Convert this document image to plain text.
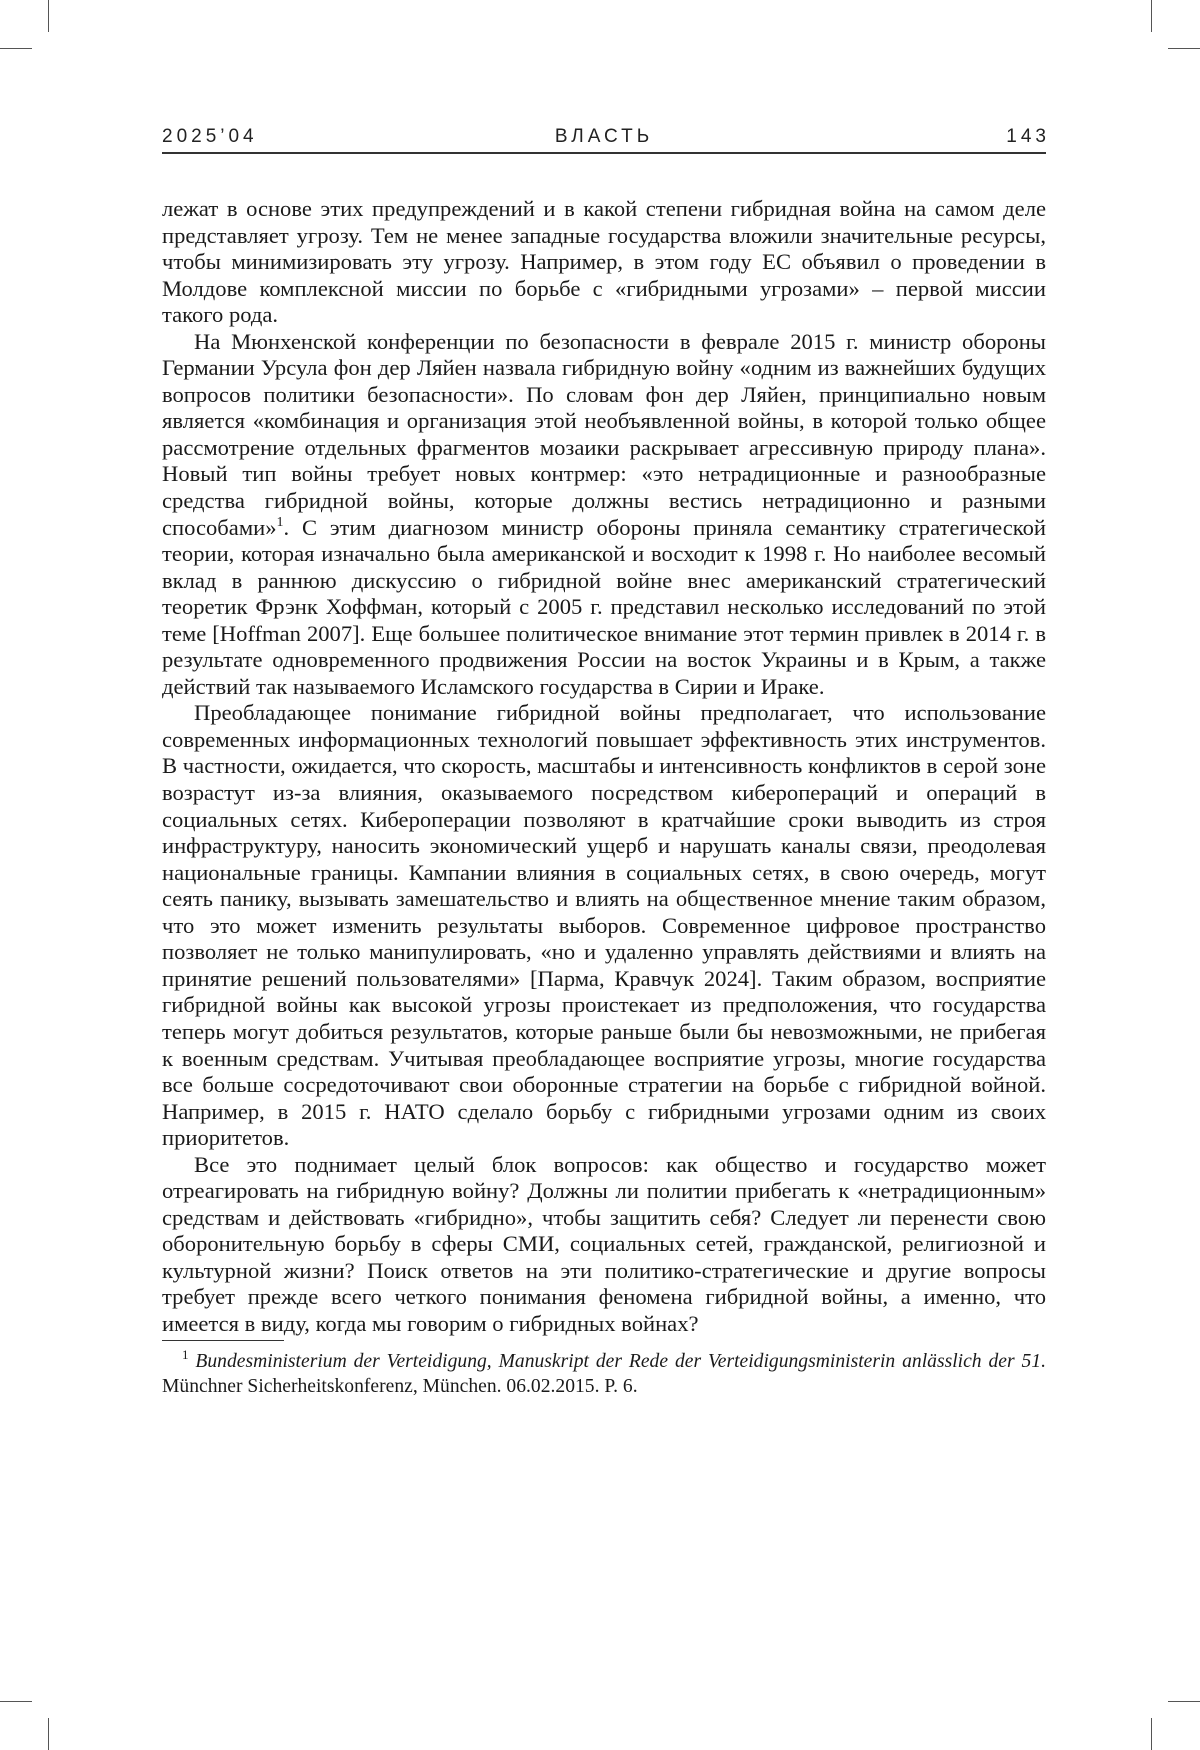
2025’04	ВЛАСТЬ	143

лежат в основе этих предупреждений и в какой степени гибридная война на самом деле представляет угрозу. Тем не менее западные государства вложили значительные ресурсы, чтобы минимизировать эту угрозу. Например, в этом году ЕС объявил о проведении в Молдове комплексной миссии по борьбе с «гибридными угрозами» – первой миссии такого рода.

На Мюнхенской конференции по безопасности в феврале 2015 г. министр обороны Германии Урсула фон дер Ляйен назвала гибридную войну «одним из важнейших будущих вопросов политики безопасности». По словам фон дер Ляйен, принципиально новым является «комбинация и организация этой необъявленной войны, в которой только общее рассмотрение отдель­ных фрагментов мозаики раскрывает агрессивную природу плана». Новый тип войны требует новых контрмер: «это нетрадиционные и разнообразные средства гибридной войны, которые должны вестись нетрадиционно и раз­ными способами»1. С этим диагнозом министр обороны приняла семантику стратегической теории, которая изначально была американской и восхо­дит к 1998 г. Но наиболее весомый вклад в раннюю дискуссию о гибридной войне внес американский стратегический теоретик Фрэнк Хоффман, кото­рый с 2005 г. представил несколько исследований по этой теме [Hoffman 2007]. Еще большее политическое внимание этот термин привлек в 2014 г. в результате одновременного продвижения России на восток Украины и в Крым, а также действий так называемого Исламского государства в Сирии и Ираке.

Преобладающее понимание гибридной войны предполагает, что использо­вание современных информационных технологий повышает эффективность этих инструментов. В частности, ожидается, что скорость, масштабы и интен­сивность конфликтов в серой зоне возрастут из-за влияния, оказываемого посредством киберопераций и операций в социальных сетях. Кибероперации позволяют в кратчайшие сроки выводить из строя инфраструктуру, наносить экономический ущерб и нарушать каналы связи, преодолевая националь­ные границы. Кампании влияния в социальных сетях, в свою очередь, могут сеять панику, вызывать замешательство и влиять на общественное мнение таким образом, что это может изменить результаты выборов. Современное цифровое пространство позволяет не только манипулировать, «но и уда­ленно управлять действиями и влиять на принятие решений пользователями» [Парма, Кравчук 2024]. Таким образом, восприятие гибридной войны как высокой угрозы проистекает из предположения, что государства теперь могут добиться результатов, которые раньше были бы невозможными, не прибегая к военным средствам. Учитывая преобладающее восприятие угрозы, многие государства все больше сосредоточивают свои оборонные стратегии на борьбе с гибридной войной. Например, в 2015 г. НАТО сделало борьбу с гибридными угрозами одним из своих приоритетов.

Все это поднимает целый блок вопросов: как общество и государство может отреагировать на гибридную войну? Должны ли политии прибегать к «нетра­диционным» средствам и действовать «гибридно», чтобы защитить себя? Следует ли перенести свою оборонительную борьбу в сферы СМИ, социаль­ных сетей, гражданской, религиозной и культурной жизни? Поиск ответов на эти политико-стратегические и другие вопросы требует прежде всего четкого понимания феномена гибридной войны, а именно, что имеется в виду, когда мы говорим о гибридных войнах?

1 Bundesministerium der Verteidigung, Manuskript der Rede der Verteidigungsministerin anlässlich der 51. Münchner Sicherheitskonferenz, München. 06.02.2015. P. 6.
